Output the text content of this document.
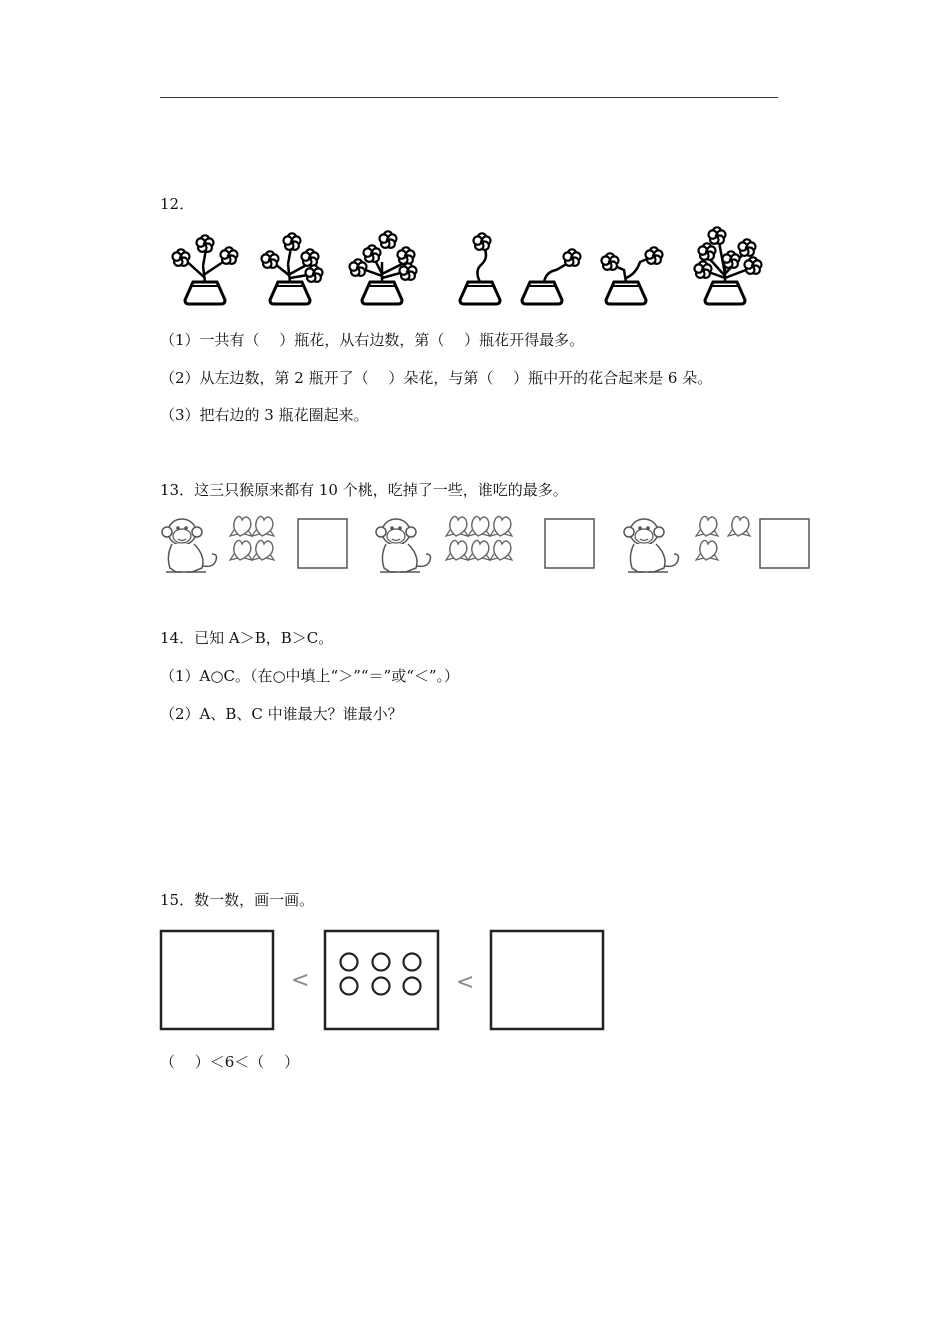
12．
（1）一共有（　 ）瓶花，从右边数，第（　 ）瓶花开得最多。
（2）从左边数，第 2 瓶开了（　 ）朵花，与第（　 ）瓶中开的花合起来是 6 朵。
（3）把右边的 3 瓶花圈起来。
13．这三只猴原来都有 10 个桃，吃掉了一些，谁吃的最多。
14．已知 A＞B，B＞C。
（1）A○C。（在○中填上“＞”“＝”或“＜”。）
（2）A、B、C 中谁最大？谁最小？
15．数一数，画一画。
<	<
（　 ）＜6＜（　 ）
